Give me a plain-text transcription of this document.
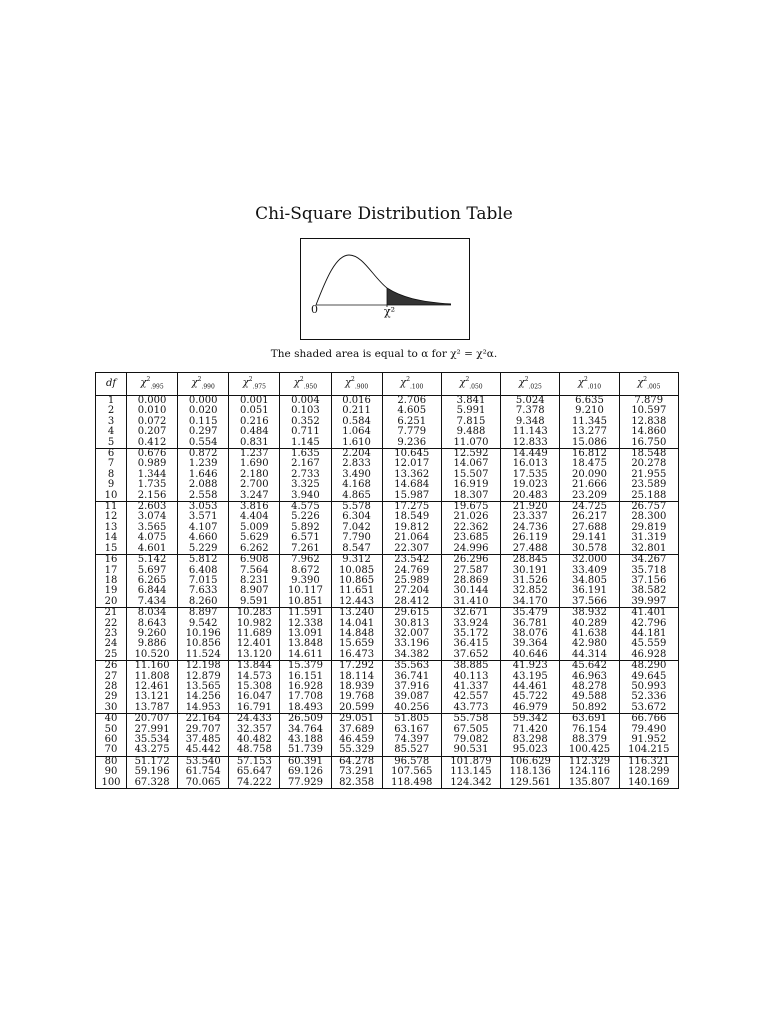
Chi-Square Distribution Table
0	χ²
The shaded area is equal to α for χ² = χ²α.
df	$\chi^2_{.995}$	$\chi^2_{.990}$	$\chi^2_{.975}$	$\chi^2_{.950}$	$\chi^2_{.900}$	$\chi^2_{.100}$	$\chi^2_{.050}$	$\chi^2_{.025}$	$\chi^2_{.010}$	$\chi^2_{.005}$
1	0.000	0.000	0.001	0.004	0.016	2.706	3.841	5.024	6.635	7.879
2	0.010	0.020	0.051	0.103	0.211	4.605	5.991	7.378	9.210	10.597
3	0.072	0.115	0.216	0.352	0.584	6.251	7.815	9.348	11.345	12.838
4	0.207	0.297	0.484	0.711	1.064	7.779	9.488	11.143	13.277	14.860
5	0.412	0.554	0.831	1.145	1.610	9.236	11.070	12.833	15.086	16.750
6	0.676	0.872	1.237	1.635	2.204	10.645	12.592	14.449	16.812	18.548
7	0.989	1.239	1.690	2.167	2.833	12.017	14.067	16.013	18.475	20.278
8	1.344	1.646	2.180	2.733	3.490	13.362	15.507	17.535	20.090	21.955
9	1.735	2.088	2.700	3.325	4.168	14.684	16.919	19.023	21.666	23.589
10	2.156	2.558	3.247	3.940	4.865	15.987	18.307	20.483	23.209	25.188
11	2.603	3.053	3.816	4.575	5.578	17.275	19.675	21.920	24.725	26.757
12	3.074	3.571	4.404	5.226	6.304	18.549	21.026	23.337	26.217	28.300
13	3.565	4.107	5.009	5.892	7.042	19.812	22.362	24.736	27.688	29.819
14	4.075	4.660	5.629	6.571	7.790	21.064	23.685	26.119	29.141	31.319
15	4.601	5.229	6.262	7.261	8.547	22.307	24.996	27.488	30.578	32.801
16	5.142	5.812	6.908	7.962	9.312	23.542	26.296	28.845	32.000	34.267
17	5.697	6.408	7.564	8.672	10.085	24.769	27.587	30.191	33.409	35.718
18	6.265	7.015	8.231	9.390	10.865	25.989	28.869	31.526	34.805	37.156
19	6.844	7.633	8.907	10.117	11.651	27.204	30.144	32.852	36.191	38.582
20	7.434	8.260	9.591	10.851	12.443	28.412	31.410	34.170	37.566	39.997
21	8.034	8.897	10.283	11.591	13.240	29.615	32.671	35.479	38.932	41.401
22	8.643	9.542	10.982	12.338	14.041	30.813	33.924	36.781	40.289	42.796
23	9.260	10.196	11.689	13.091	14.848	32.007	35.172	38.076	41.638	44.181
24	9.886	10.856	12.401	13.848	15.659	33.196	36.415	39.364	42.980	45.559
25	10.520	11.524	13.120	14.611	16.473	34.382	37.652	40.646	44.314	46.928
26	11.160	12.198	13.844	15.379	17.292	35.563	38.885	41.923	45.642	48.290
27	11.808	12.879	14.573	16.151	18.114	36.741	40.113	43.195	46.963	49.645
28	12.461	13.565	15.308	16.928	18.939	37.916	41.337	44.461	48.278	50.993
29	13.121	14.256	16.047	17.708	19.768	39.087	42.557	45.722	49.588	52.336
30	13.787	14.953	16.791	18.493	20.599	40.256	43.773	46.979	50.892	53.672
40	20.707	22.164	24.433	26.509	29.051	51.805	55.758	59.342	63.691	66.766
50	27.991	29.707	32.357	34.764	37.689	63.167	67.505	71.420	76.154	79.490
60	35.534	37.485	40.482	43.188	46.459	74.397	79.082	83.298	88.379	91.952
70	43.275	45.442	48.758	51.739	55.329	85.527	90.531	95.023	100.425	104.215
80	51.172	53.540	57.153	60.391	64.278	96.578	101.879	106.629	112.329	116.321
90	59.196	61.754	65.647	69.126	73.291	107.565	113.145	118.136	124.116	128.299
100	67.328	70.065	74.222	77.929	82.358	118.498	124.342	129.561	135.807	140.169
